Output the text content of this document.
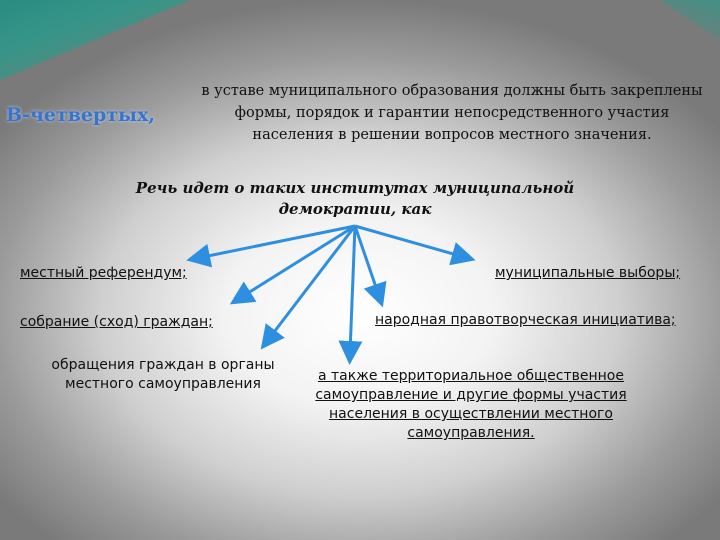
В-четвертых,
в уставе муниципального образования должны быть закреплены формы, порядок и гарантии непосредственного участия населения в решении вопросов местного значения.
Речь идет о таких институтах муниципальной демократии, как
местный референдум;	муниципальные выборы;
собрание (сход) граждан;	народная правотворческая инициатива;
обращения граждан в органы
местного самоуправления	а также территориальное общественное самоуправление и другие формы участия населения в осуществлении местного самоуправления.
